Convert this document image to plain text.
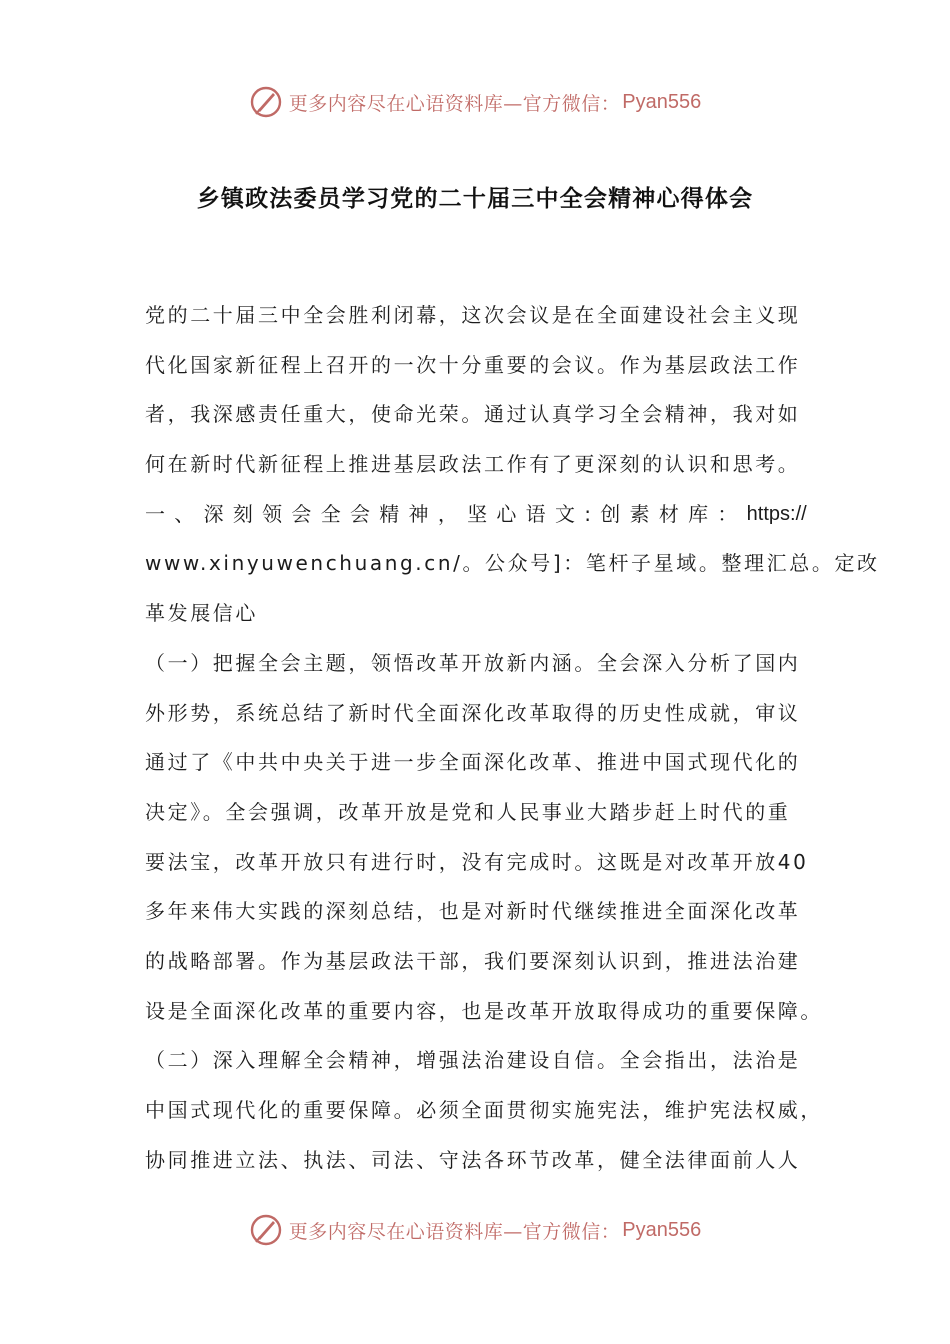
更多内容尽在心语资料库—官方微信： Pyan556
乡镇政法委员学习党的二十届三中全会精神心得体会
党的二十届三中全会胜利闭幕，这次会议是在全面建设社会主义现
代化国家新征程上召开的一次十分重要的会议。作为基层政法工作
者，我深感责任重大，使命光荣。通过认真学习全会精神，我对如
何在新时代新征程上推进基层政法工作有了更深刻的认识和思考。
一 、 深 刻 领 会 全 会 精 神 ， 坚 心 语 文 : 创 素 材 库 ： https://
www.xinyuwenchuang.cn/。公众号]：笔杆子星域。整理汇总。定改
革发展信心
（一）把握全会主题，领悟改革开放新内涵。全会深入分析了国内
外形势，系统总结了新时代全面深化改革取得的历史性成就，审议
通过了《中共中央关于进一步全面深化改革、推进中国式现代化的
决定》。全会强调，改革开放是党和人民事业大踏步赶上时代的重
要法宝，改革开放只有进行时，没有完成时。这既是对改革开放40
多年来伟大实践的深刻总结，也是对新时代继续推进全面深化改革
的战略部署。作为基层政法干部，我们要深刻认识到，推进法治建
设是全面深化改革的重要内容，也是改革开放取得成功的重要保障。
（二）深入理解全会精神，增强法治建设自信。全会指出，法治是
中国式现代化的重要保障。必须全面贯彻实施宪法，维护宪法权威，
协同推进立法、执法、司法、守法各环节改革，健全法律面前人人
更多内容尽在心语资料库—官方微信： Pyan556
